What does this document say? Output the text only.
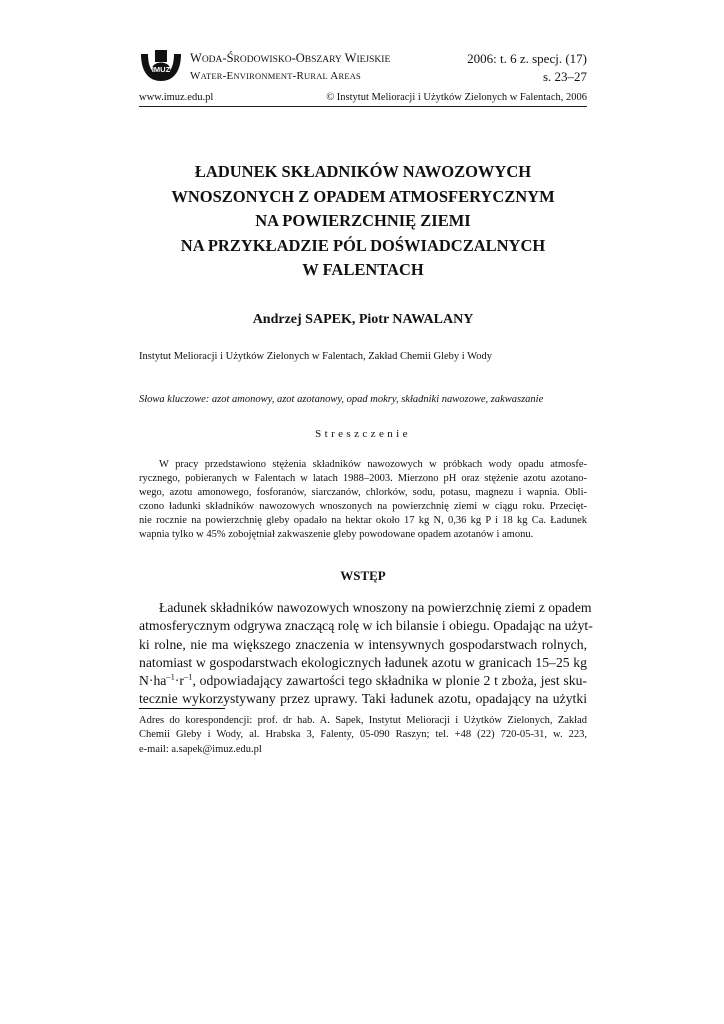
IMUZ
WODA-ŚRODOWISKO-OBSZARY WIEJSKIE
WATER-ENVIRONMENT-RURAL AREAS
2006: t. 6 z. specj. (17)
s. 23–27
www.imuz.edu.pl	© Instytut Melioracji i Użytków Zielonych w Falentach, 2006
ŁADUNEK SKŁADNIKÓW NAWOZOWYCH
WNOSZONYCH Z OPADEM ATMOSFERYCZNYM
NA POWIERZCHNIĘ ZIEMI
NA PRZYKŁADZIE PÓL DOŚWIADCZALNYCH
W FALENTACH
Andrzej SAPEK, Piotr NAWALANY
Instytut Melioracji i Użytków Zielonych w Falentach, Zakład Chemii Gleby i Wody
Słowa kluczowe: azot amonowy, azot azotanowy, opad mokry, składniki nawozowe, zakwaszanie
Streszczenie
W pracy przedstawiono stężenia składników nawozowych w próbkach wody opadu atmosfe-
rycznego, pobieranych w Falentach w latach 1988–2003. Mierzono pH oraz stężenie azotu azotano-
wego, azotu amonowego, fosforanów, siarczanów, chlorków, sodu, potasu, magnezu i wapnia. Obli-
czono ładunki składników nawozowych wnoszonych na powierzchnię ziemi w ciągu roku. Przecięt-
nie rocznie na powierzchnię gleby opadało na hektar około 17 kg N, 0,36 kg P i 18 kg Ca. Ładunek
wapnia tylko w 45% zobojętniał zakwaszenie gleby powodowane opadem azotanów i amonu.
WSTĘP
Ładunek składników nawozowych wnoszony na powierzchnię ziemi z opadem
atmosferycznym odgrywa znaczącą rolę w ich bilansie i obiegu. Opadając na użyt-
ki rolne, nie ma większego znaczenia w intensywnych gospodarstwach rolnych,
natomiast w gospodarstwach ekologicznych ładunek azotu w granicach 15–25 kg
$N\cdot ha^{-1}\cdot r^{-1}$, odpowiadający zawartości tego składnika w plonie 2 t zboża, jest sku-
tecznie wykorzystywany przez uprawy. Taki ładunek azotu, opadający na użytki
Adres do korespondencji: prof. dr hab. A. Sapek, Instytut Melioracji i Użytków Zielonych, Zakład
Chemii Gleby i Wody, al. Hrabska 3, Falenty, 05-090 Raszyn; tel. +48 (22) 720-05-31, w. 223,
e-mail: a.sapek@imuz.edu.pl
